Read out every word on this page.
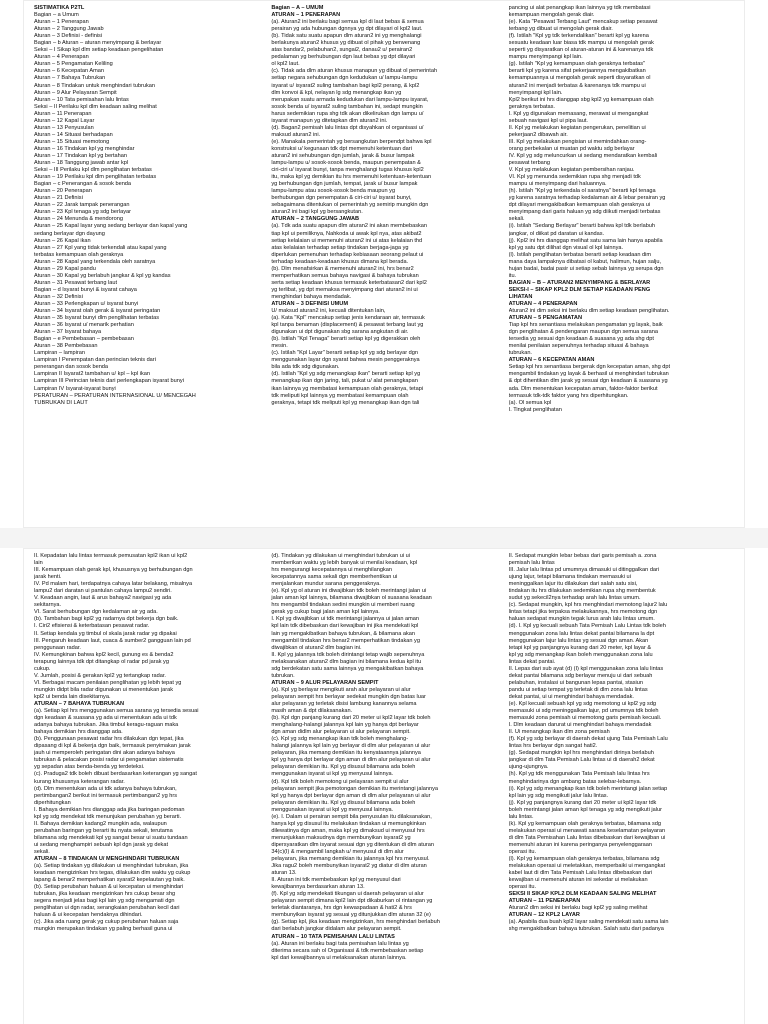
SISTIMATIKA P2TL
Bagian – a Umum
Aturan – 1 Penerapan
Aturan – 2 Tanggung Jawab
Aturan – 3 Definisi - definisi
Bagian – b Aturan – aturan menyimpang & berlayar
Seksi – I Sikap kpl dlm setiap keadaan pengelihatan
Aturan – 4 Penerapan
Aturan – 5 Pengamatan Keliling
Aturan – 6 Kecepatan Aman
Aturan – 7 Bahaya Tubrukan
Aturan – 8 Tindakan untuk menghindari tubrukan
Aturan – 9 Alur Pelayaran Sempit
Aturan – 10 Tata pemisahan lalu lintas
Seksi – II Perilaku kpl dlm keadaan saling melihat
Aturan – 11 Penerapan
Aturan – 12 Kapal Layar
Aturan – 13 Penyusulan
Aturan – 14 Situasi berhadapan
Aturan – 15 Situasi memotong
Aturan – 16 Tindakan kpl yg menghindar
Aturan – 17 Tindakan kpl yg bertahan
Aturan – 18 Tanggung jawab antar kpl
Seksi – III Perilaku kpl dlm penglihatan terbatas
Aturan – 19 Perilaku kpl dlm penglihatan terbatas
Bagian – c Penerangan & sosok benda
Aturan – 20 Penerapan
Aturan – 21 Definisi
Aturan – 22 Jarak tampak penerangan
Aturan – 23 Kpl tenaga yg sdg berlayar
Aturan – 24 Menunda & mendorong
Aturan – 25 Kapal layar yang sedang berlayar dan kapal yang
sedang berlayar dgn dayung
Aturan – 26 Kapal ikan
Aturan – 27 Kpl yang tidak terkendali atau kapal yang
terbatas kemampuan olah geraknya
Aturan – 28 Kapal yang terkendala oleh saratnya
Aturan – 29 Kapal pandu
Aturan – 30 Kapal yg berlabuh jangkar & kpl yg kandas
Aturan – 31 Pesawat terbang laut
Bagian – d Isyarat bunyi & isyarat cahaya
Aturan – 32 Definisi
Aturan – 33 Perlengkapan u/ isyarat bunyi
Aturan – 34 Isyarat olah gerak & isyarat peringatan
Aturan – 35 Isyarat bunyi dlm penglihatan terbatas
Aturan – 36 Isyarat u/ menarik perhatian
Aturan – 37 Isyarat bahaya
Bagian – e Pembebasan – pembebasan
Aturan – 38 Pembebasan
Lampiran – lampiran
Lampiran I Penempatan dan perincian teknis dari
penerangan dan sosok benda
Lampiran II Isyarat2 tambahan u/ kpl – kpl ikan
Lampiran III Perincian teknis dari perlengkapan isyarat bunyi
Lampiran IV Isyarat-isyarat bunyi
PERATURAN – PERATURAN INTERNASIONAL U/ MENCEGAH
TUBRUKAN DI LAUT
Bagian – A – UMUM
ATURAN – 1 PENERAPAN
(a). Aturan2 ini berlaku bagi semua kpl di laut bebas & semua
perairan yg ada hubungan dgnnya yg dpt dilayari ol kpl2 laut.
(b). Tidak satu suatu apapun dlm aturan2 ini yg menghalangi
berlakunya aturan2 khusus yg dibuat ol pihak yg berwenang
atas bandar2, pelabuhan2, sungai2, danau2 u/ perairan2
pedalaman yg berhubungan dgn laut bebas yg dpt dilayari
ol kpl2 laut.
(c). Tidak ada dlm aturan khusus manapun yg dibuat ol pemerintah
setiap negara sehubungan dgn kedudukan u/ lampu-lampu
isyarat u/ isyarat2 suling tambahan bagi kpl2 perang, & kpl2
dlm konvoi & kpl, nelayan lg sdg menangkap ikan yg
merupakan suatu armada kedudukan dari lampu-lampu isyarat,
sosok benda u/ isyarat2 suling tambahan ini, sedapt mungkin
harus sedemikian rupa shg tdk akan dikelirukan dgn lampu u/
isyarat manapun yg ditetapkan dlm aturan2 ini.
(d). Bagan2 pemisah lalu lintas dpt disyahkan ol organisasi u/
maksud aturan2 ini.
(e). Manakala pemerintah yg bersangkutan berpendpt bahwa kpl
konstruksi u/ kegunaan tdk dpt memenuhi ketentuan dari
aturan2 ini sehubungan dgn jumlah, jarak & busur lampak
lampu-lampu u/ sosok-sosok benda, maupun penempatan &
ciri-ciri u/ isyarat bunyi, tanpa menghalangi tugas khusus kpl2
itu, maka kpl yg demikian itu hrs memenuhi ketentuan-ketentuan
yg berhubungan dgn jumlah, tempat, jarak u/ busur lampak
lampu-lampu atau sosok-sosok benda maupun yg
berhubungan dgn penempatan & ciri-ciri u/ isyarat bunyi,
sebagaimana ditentukan ol pemerintah yg semirip mungkin dgn
aturan2 ini bagi kpl yg bersangkutan.
ATURAN – 2 TANGGUNG JAWAB
(a). Tdk ada suatu apapun dlm aturan2 ini akan membebaskan
tiap kpl ui pemiliknya, Nahkoda ui awak kpl nya, atas akibat2
setiap kelalaian ui memenuhi aturan2 ini ui atas kelalaian thd
atas kelalaian terhadap setiap tindakan berjaga-jaga yg
diperlukan pemenuhan terhadap kebiasaan seorang pelaut ui
terhadap keadaan-keadaan khusus dimana kpl berada.
(b). Dlm menafsirkan & memenuhi aturan2 ini, hrs benar2
memperhatikan semua bahaya navigasi & bahaya tubrukan
serta setiap keadaan khusus termasuk keterbatasan2 dari kpl2
yg terlibat, yg dpt memaksa menyimpang dari aturan2 ini ui
menghindari bahaya mendadak.
ATURAN – 3 DEFINISI UMUM
U/ maksud aturan2 ini, kecuali ditentukan lain,
(a). Kata "Kpl" mencakup setiap jenis kendaraan air, termasuk
kpl tanpa benaman (displacement) & pesawat terbang laut yg
digunakan ui dpt digunakan sbg sarana angkutan di air.
(b). Istilah "Kpl Tenaga" berarti setiap kpl yg digerakkan oleh
mesin.
(c). Istilah "Kpl Layar" berarti setiap kpl yg sdg berlayar dgn
menggunakan layar dgn syarat bahwa mesin penggeraknya
bila ada tdk sdg digunakan.
(d). Istilah "Kpl yg sdg menangkap ikan" berarti setiap kpl yg
menangkap ikan dgn jaring, tali, pukat u/ alat penangkapan
ikan lainnya yg membatasi kemampuan olah geraknya, tetapi
tdk meliputi kpl lainnya yg membatasi kemampuan olah
geraknya, tetapi tdk meliputi kpl yg menangkap ikan dgn tali
pancing ui alat penangkap ikan lainnya yg tdk membatasi
kemampuan mengolah gerak diair.
(e). Kata "Pesawat Terbang Laut" mencakup setiap pesawat
terbang yg dibuat ui mengolah gerak diair.
(f). Istilah "Kpl yg tdk terkendalikan" berarti kpl yg karena
sesuatu keadaan luar biasa tdk mampu ui mengolah gerak
seperti yg disyaratkan ol aturan-aturan ini & karenanya tdk
mampu menyimpangi kpl lain.
(g). Istilah "Kpl yg kemampuan olah geraknya terbatas"
berarti kpl yg karena sifat pekerjaannya mengakibatkan
kemampuannya ui mengolah gerak seperti disyaratkan ol
aturan2 ini menjadi terbatas & karenanya tdk mampu ui
menyimpangi kpl lain.
Kpl2 berikut ini hrs dianggap sbg kpl2 yg kemampuan olah
geraknya terbatas.
I. Kpl yg digunakan memasang, merawat ui mengangkat
sebuah navigasi kpl ui pipa laut.
II. Kpl yg melakukan kegiatan pengerukan, penelitian ui
pekerjaan2 dibawah air.
III. Kpl yg melakukan pengisian ui memindahkan orang-
orang perbekalan ui muatan pd waktu sdg berlayar
IV. Kpl yg sdg meluncurkan ui sedang mendaratkan kembali
pesawat terbang
V. Kpl yg melakukan kegiatan pembersihan ranjau.
VI. Kpl yg menunda sedemikian rupa shg menjadi tdk
mampu ui menyimpang dari haluannya.
(h). Istilah "Kpl yg terkendala ol saratnya" berarti kpl tenaga
yg karena saratnya terhadap kedalaman air & lebar perairan yg
dpt dilayari mengakibatkan kemampuan olah geraknya ui
menyimpang dari garis haluan yg sdg diikuti menjadi terbatas
sekali.
(i). Istilah "Sedang Berlayar" berarti bahwa kpl tdk berlabuh
jangkar, ol diikat pd daratan ui kandas.
(j). Kpl2 ini hrs dianggap melihat satu sama lain hanya apabila
kpl yg satu dpt dilihat dgn visual ol kpl lainnya.
(l). Istilah penglihatan terbatas berarti setiap keadaan dim
mana daya lampaknya dibatasi ol kabut, halimun, hujan salju,
hujan badai, badai pasir ui setiap sebab lainnya yg serupa dgn
itu.
BAGIAN – B – ATURAN2 MENYIMPANG & BERLAYAR
SEKSI-I – SIKAP KPL2 DLM SETIAP KEADAAN PENG
LIHATAN
ATURAN – 4 PENERAPAN
Aturan2 ini dim seksi ini berlaku dlm setiap keadaan penglihatan.
ATURAN – 5 PENGAMATAN
Tiap kpl hrs senantiasa melakukan pengamatan yg layak, baik
dgn penglihatan & pendengaran maupun dgn semua sarana
tersedia yg sesuai dgn keadaan & suasana yg ada shg dpt
menilai penilaian sepenuhnya terhadap situasi & bahaya
tubrukan.
ATURAN – 6 KECEPATAN AMAN
Setiap kpl hrs senantiasa bergerak dgn kecepatan aman, shg dpt
mengambil tindakan yg layak & berhasil ui menghindari tubrukan
& dpt dihentikan dlm jarak yg sesuai dgn keadaan & suasana yg
ada. Dlm menentukan kecepatan aman, faktor-faktor berikut
termasuk tdk-tdk faktor yang hrs diperhitungkan.
(a). Ol semua kpl
I. Tingkat penglihatan
II. Kepadatan lalu lintas termasuk pemusatan kpl2 ikan ui kpl2
lain
III. Kemampuan olah gerak kpl, khususnya yg berhubungan dgn
jarak henti.
IV. Pd malam hari, terdapatnya cahaya latar belakang, misalnya
lampu2 dari daratan ui pantulan cahaya lampu2 sendiri.
V. Keadaan angin, laut & arus bahaya2 navigasi yg ada
sekitarnya.
VI. Sarat berhubungan dgn kedalaman air yg ada.
(b). Tambahan bagi kpl2 yg radarnya dpt bekerja dgn baik.
I. Ciri2 efisiensi & keterbatasan pesawat radar.
II. Setiap kendala yg timbul ol skala jarak radar yg dipakai
III. Pengaruh keadaan laut, cuaca & sumber2 gangguan lain pd
penggunaan radar.
IV. Kemungkinan bahwa kpl2 kecil, gunung es & benda2
terapung lainnya tdk dpt ditangkap ol radar pd jarak yg
cukup.
V. Jumlah, posisi & gerakan kpl2 yg tertangkap radar.
VI. Berbagai macam penilaian penglihatan yg lebih tepat yg
mungkin didpt bila radar digunakan ui menentukan jarak
kpl2 ui benda lain disekitarnya.
ATURAN – 7 BAHAYA TUBRUKAN
(a). Setiap kpl hrs menggunakan semua sarana yg tersedia sesuai
dgn keadaan & suasana yg ada ui menentukan ada ui tdk
adanya bahaya tubrukan. Jika timbul keragu-raguan maka
bahaya demikian hrs dianggap ada.
(b). Penggunaan pesawat radar hrs dilakukan dgn tepat, jika
dipasang di kpl & bekerja dgn baik, termasuk penyimakan jarak
jauh ui memperoleh peringatan dini akan adanya bahaya
tubrukan & pelacakan posisi radar ui pengamatan sistematis
yg sepadan atas benda-benda yg terdeteksi.
(c). Praduga2 tdk boleh dibuat berdasarkan keterangan yg sangat
kurang khususnya keterangan radar.
(d). Dlm menentukan ada ui tdk adanya bahaya tubrukan,
pertimbangan2 berikut ini termasuk pertimbangan2 yg hrs
diperhitungkan
I. Bahaya demikian hrs dianggap ada jika baringan pedoman
kpl yg sdg mendekat tdk menunjukan perubahan yg berarti.
II. Bahaya demikian kadang2 mungkin ada, walaupun
perubahan baringan yg berarti itu nyata sekali, terutama
bilamana sdg mendekati kpl yg sangat besar ui suatu tundaan
ui sedang menghampiri sebuah kpl dgn jarak yg dekat
sekali.
ATURAN – 8 TINDAKAN U/ MENGHINDARI TUBRUKAN
(a). Setiap tindakan yg dilakukan ui menghindari tubrukan, jika
keadaan mengizinkan hrs tegas, dilakukan dlm waktu yg cukup
lapang & benar2 memperhatikan syarat2 kepelautan yg baik.
(b). Setiap perubahan haluan & ui kecepatan ui menghindari
tubrukan, jika keadaan mengizinkan hrs cukup besar shg
segera menjadi jelas bagi kpl lain yg sdg mengamati dgn
penglihatan ui dgn radar, serangkaian perubahan kecil dari
haluan & ui kecepatan hendaknya dihindari.
(c). Jika ada ruang gerak yg cukup perubahan haluan saja
mungkin merupakan tindakan yg paling berhasil guna ui
(d). Tindakan yg dilakukan ui menghindari tubrukan ui ui
memberikan waktu yg lebih banyak ui menilai keadaan, kpl
hrs mengurangi kecepatannya ui menghilangkan
kecepatannya sama sekali dgn memberhentikan ui
menjalankan mundur sarana penggeraknya.
(e). Kpl yg ol aturan ini diwajibkan tdk boleh merintangi jalan ui
jalan aman kpl lainnya, bilamana diwajibkan ol suasana keadaan
hrs mengambil tindakan sedini mungkin ui memberi ruang
gerak yg cukup bagi jalan aman kpl lainnya.
I. Kpl yg diwajibkan ui tdk merintangi jalannya ui jalan aman
kpl lain tdk dibebaskan dari kewajiban ini jika mendekati kpl
lain yg mengakibatkan bahaya tubrukan, & bilamana akan
mengambil tindakan hrs benar2 memperhatikan tindakan yg
diwajibkan ol aturan2 dlm bagian ini.
II. Kpl yg jalannya tdk boleh dirintangi tetap wajib sepenuhnya
melaksanakan aturan2 dlm bagian ini bilamana kedua kpl itu
sdg berdekatan satu sama lainnya yg mengakibatkan bahaya
tubrukan.
ATURAN – 9 ALUR PELAYARAN SEMPIT
(a). Kpl yg berlayar mengikuti arah alur pelayaran ui alur
pelayaran sempit hrs berlayar sedekat mungkin dgn batas luar
alur pelayaran yg terletak disisi lambung kanannya selama
masih aman & dpt dilaksanakan.
(b). Kpl dgn panjang kurang dari 20 meter ui kpl2 layar tdk boleh
menghalang-halangi jalannya kpl lain yg hanya dpt berlayar
dgn aman didlm alur pelayaran ui alur pelayaran sempit.
(c). Kpl yg sdg menangkap ikan tdk boleh menghalang-
halangi jalannya kpl lain yg berlayar di dlm alur pelayaran ui alur
pelayaran, jika memang demikian itu kenyataannya jalannya
kpl yg hanya dpt berlayar dgn aman di dlm alur pelayaran ui alur
pelayaran demikian itu. Kpl yg disusul bilamana ada boleh
menggunakan isyarat ui kpl yg menyusul lainnya.
(d). Kpl tdk boleh memotong ui pelayaran sempit ui alur
pelayaran sempit jika pemotongan demikian itu merintangi jalannya
kpl yg hanya dpt berlayar dgn aman di dlm alur pelayaran ui alur
pelayaran demikian itu. Kpl yg disusul bilamana ada boleh
menggunakan isyarat ui kpl yg menyusul lainnya.
(e). I. Dalam ui perairan sempit bila penyusulan itu dilaksanakan,
hanya kpl yg disusul itu melakukan tindakan ui memungkinkan
dilewatinya dgn aman, maka kpl yg dimaksud ui menyusul hrs
menunjukkan maksudnya dgn membunyikan isyarat2 yg
dipersyaratkan dlm isyarat sesuai dgn yg ditentukan di dlm aturan
34(c)(I) & mengambil langkah u/ menyusul di dlm alur
pelayaran, jika memang demikian itu jalannya kpl hrs menyusul.
Jika ragu2 boleh membunyikan isyarat2 yg diatur di dlm aturan
aturan 13.
II. Aturan ini tdk membebaskan kpl yg menyusul dari
kewajibannya berdasarkan aturan 13.
(f). Kpl yg sdg mendekati tikungan ui daerah pelayaran ui alur
pelayaran sempit dimana kpl2 lain dpt dikaburkan ol rintangan yg
terletak diantaranya, hrs dgn kewaspadaan & hati2 & hrs
membunyikan isyarat yg sesuai yg ditunjukkan dlm aturan 32 (e)
(g). Setiap kpl, jika keadaan mengizinkan, hrs menghindari berlabuh
dari berlabuh jangkar didalam alur pelayaran sempit.
ATURAN – 10 TATA PEMISAHAN LALU LINTAS
(a). Aturan ini berlaku bagi tata pemisahan lalu lintas yg
diterima secara sah ol Organisasi & tdk membebaskan setiap
kpl dari kewajibannya ui melaksanakan aturan lainnya.
II. Sedapat mungkin lebar bebas dari garis pemisah a. zona
pemisah lalu lintas
III. Jalur lalu lintas pd umumnya dimasuki ui ditinggalkan dari
ujung lajur, tetapi bilamana tindakan memasuki ui
meninggalkan lajur itu dilakukan dari salah satu sisi,
tindakan itu hrs dilakukan sedemikian rupa shg membentuk
sudut yg sekecil2nya terhadap arah lalu lintas umum.
(c). Sedapat mungkin, kpl hrs menghindari memotong lajur2 lalu
lintas tetapi jika terpaksa melakukannya, hrs memotong dgn
haluan sedapat mungkin tegak lurus arah lalu lintas umum.
(d). I. Kpl yg kecuali sebuah Tata Pemisah Lalu Lintas tdk boleh
menggunakan zona lalu lintas dekat pantai bilamana la dpt
menggunakan lajur lalu lintas yg sesuai dgn aman. Akan
tetapi kpl yg panjangnya kurang dari 20 meter, kpl layar &
kpl yg sdg menangkap ikan boleh menggunakan zona lalu
lintas dekat pantai.
II. Lepas dari sub ayat (d) (I) kpl menggunakan zona lalu lintas
dekat pantai bilamana sdg berlayar menuju ui dari sebuah
pelabuhan, instalasi ui bangunan lepas pantai, stasiun
pandu ui setiap tempat yg terletak di dlm zona lalu lintas
dekat pantai, ui ui menghindari bahaya mendadak.
(e). Kpl kecuali sebuah kpl yg sdg memotong ui kpl2 yg sdg
memasuki ui sdg meninggalkan lajur, pd umumnya tdk boleh
memasuki zona pemisah ui memotong garis pemisah kecuali.
I. Dlm keadaan darurat ui menghindari bahaya mendadak
II. Ui menangkap ikan dlm zona pemisah
(f). Kpl yg sdg berlayar di daerah dekat ujung Tata Pemisah Lalu
lintas hrs berlayar dgn sangat hati2.
(g). Sedapat mungkin kpl hrs menghindari dirinya berlabuh
jangkar di dlm Tata Pemisah Lalu lintas ui di daerah2 dekat
ujung-ujungnya.
(h). Kpl yg tdk menggunakan Tata Pemisah lalu lintas hrs
menghindarinya dgn ambang batas selebar-lebarnya.
(i). Kpl yg sdg menangkap ikan tdk boleh merintangi jalan setiap
kpl lain yg sdg mengikuti jalur lalu lintas.
(j). Kpl yg panjangnya kurang dari 20 meter ui kpl2 layar tdk
boleh merintangi jalan aman kpl tenaga yg sdg mengikuti jalur
lalu lintas.
(k). Kpl yg kemampuan olah geraknya terbatas, bilamana sdg
melakukan operasi ui menawati sarana keselamatan pelayaran
di dlm Tata Pemisahan Lalu lintas dibebaskan dari kewajiban ui
memenuhi aturan ini karena peringanya penyelenggaraan
operasi itu.
(l). Kpl yg kemampuan olah geraknya terbatas, bilamana sdg
melakukan operasi ui meletakkan, memperbaiki ui mengangkat
kabel laut di dlm Tata Pemisah Lalu lintas dibebaskan dari
kewajiban ui memenuhi aturan ini sekedar ui melakukan
operasi itu.
SEKSI II SIKAP KPL2 DLM KEADAAN SALING MELIHAT
ATURAN – 11 PENERAPAN
Aturan2 dlm seksi ini berlaku bagi kpl2 yg saling melihat
ATURAN – 12 KPL2 LAYAR
(a). Apabila dua buah kpl2 layar saling mendekati satu sama lain
shg mengakibatkan bahaya tubrukan. Salah satu dari padanya
